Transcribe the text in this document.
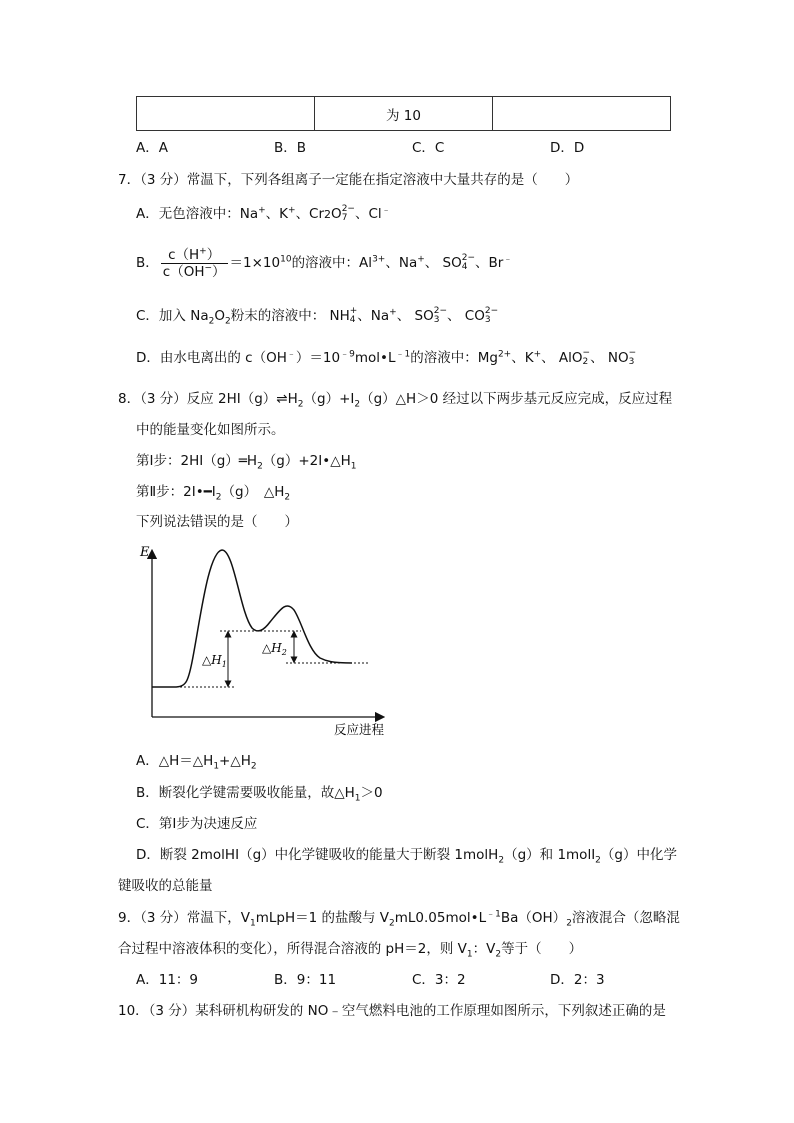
	为 10	
A．A	B．B	C．C	D．D
7．（3 分）常温下，下列各组离子一定能在指定溶液中大量共存的是（　　）
A．无色溶液中：Na+、K+、Cr2O 2−
7 、Cl﹣
B． $\frac{c(H^+)}{c(OH^-)} =1\times 10^{10}$的溶液中：$Al^{3+}$、Na+、 SO 2−
4 、Br﹣
C．加入 $Na_2O_2$粉末的溶液中： NH +
4 、Na+、 SO 2−
3 、 CO 2−
3
D．由水电离出的 $c(OH^﹣)=10^{﹣9}mol•L^{﹣1}$的溶液中：$Mg^{2+}$、K+、 AlO −
2 、 NO −
3
8．（3 分）反应 $2HI(g)\rightleftharpoons H_2(g)+I_2(g)\triangle H>0$ 经过以下两步基元反应完成，反应过程
中的能量变化如图所示。
第Ⅰ步：$2HI(g)═H_2(g)+2I•\triangle H_1$
第Ⅱ步：$2I•━I_2(g)$　$\triangle H_2$
下列说法错误的是（　　）
E
反应进程
$\triangle H_1$
$\triangle H_2$
A．$\triangle H=\triangle H_1+\triangle H_2$
B．断裂化学键需要吸收能量，故$\triangle H_1>0$
C．第Ⅰ步为决速反应
D．断裂 2molHI（g）中化学键吸收的能量大于断裂 1molH$_2$（g）和 1molI$_2$（g）中化学
键吸收的总能量
9．（3 分）常温下，$V_1mLpH=1$ 的盐酸与 $V_2mL0.05mol•L^{﹣1}Ba(OH)_2$溶液混合（忽略混
合过程中溶液体积的变化），所得混合溶液的 pH＝2，则 $V_1$：$V_2$等于（　　）
A．11：9	B．9：11	C．3：2	D．2：3
10．（3 分）某科研机构研发的 NO﹣空气燃料电池的工作原理如图所示，下列叙述正确的是
